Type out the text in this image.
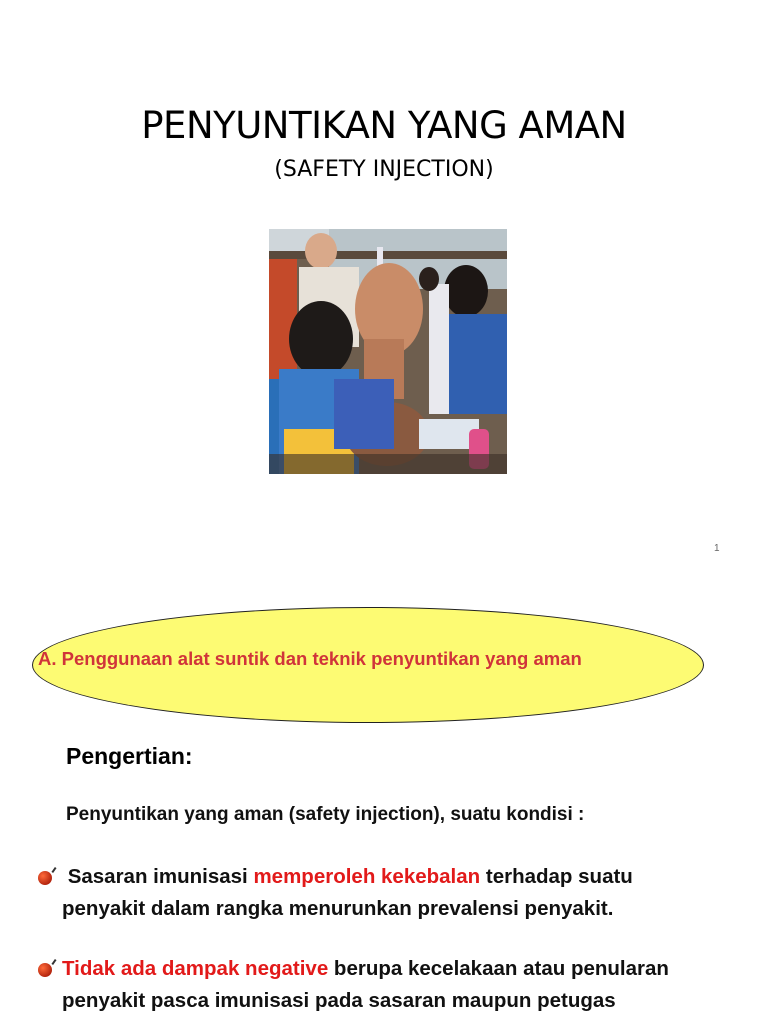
PENYUNTIKAN YANG AMAN
(SAFETY INJECTION)
1
A. Penggunaan alat suntik dan teknik penyuntikan yang aman
Pengertian:
Penyuntikan yang aman (safety injection), suatu kondisi :
Sasaran imunisasi memperoleh kekebalan terhadap suatu
penyakit dalam rangka menurunkan prevalensi penyakit.
Tidak ada dampak negative berupa kecelakaan atau penularan
penyakit pasca imunisasi pada sasaran maupun petugas
